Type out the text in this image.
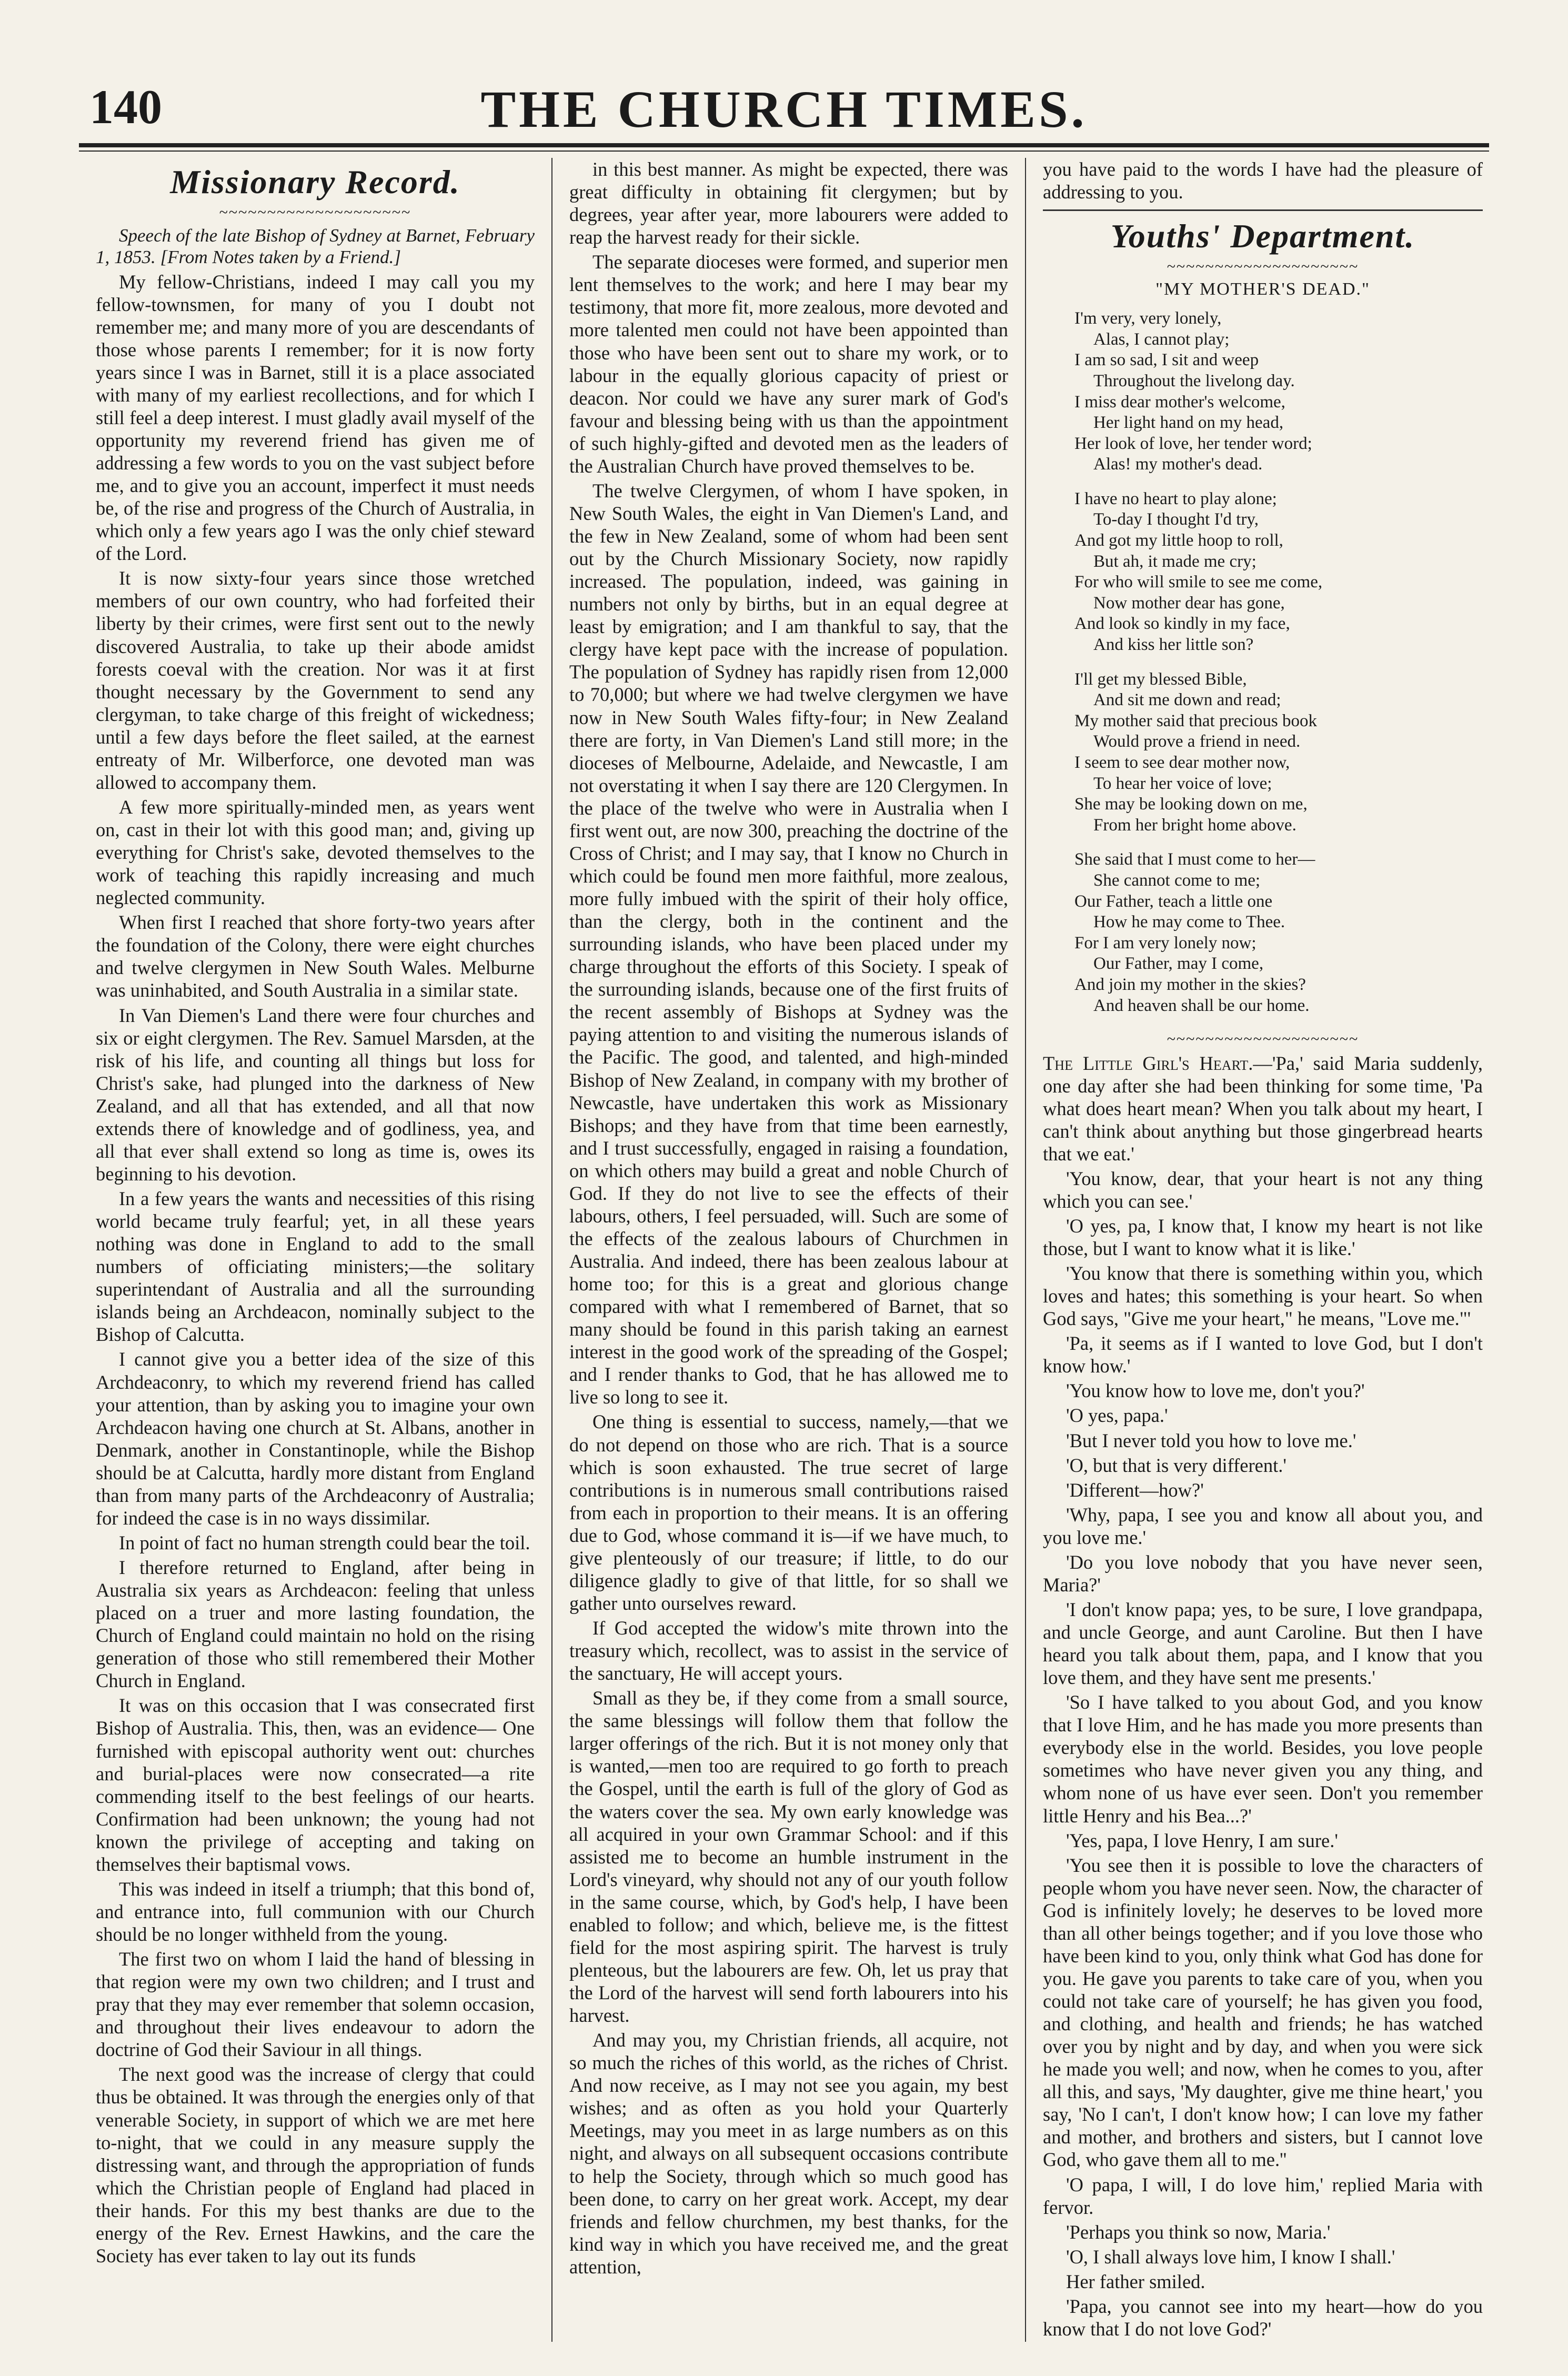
140	THE CHURCH TIMES.
Missionary Record.
~~~~~~~~~~~~~~~~~~~~

Speech of the late Bishop of Sydney at Barnet, February 1, 1853. [From Notes taken by a Friend.]

My fellow-Christians, indeed I may call you my fellow-townsmen, for many of you I doubt not remember me; and many more of you are descendants of those whose parents I remember; for it is now forty years since I was in Barnet, still it is a place associated with many of my earliest recollections, and for which I still feel a deep interest. I must gladly avail myself of the opportunity my reverend friend has given me of addressing a few words to you on the vast subject before me, and to give you an account, imperfect it must needs be, of the rise and progress of the Church of Australia, in which only a few years ago I was the only chief steward of the Lord.

It is now sixty-four years since those wretched members of our own country, who had forfeited their liberty by their crimes, were first sent out to the newly discovered Australia, to take up their abode amidst forests coeval with the creation. Nor was it at first thought necessary by the Government to send any clergyman, to take charge of this freight of wickedness; until a few days before the fleet sailed, at the earnest entreaty of Mr. Wilberforce, one devoted man was allowed to accompany them.

A few more spiritually-minded men, as years went on, cast in their lot with this good man; and, giving up everything for Christ's sake, devoted themselves to the work of teaching this rapidly increasing and much neglected community.

When first I reached that shore forty-two years after the foundation of the Colony, there were eight churches and twelve clergymen in New South Wales. Melburne was uninhabited, and South Australia in a similar state.

In Van Diemen's Land there were four churches and six or eight clergymen. The Rev. Samuel Marsden, at the risk of his life, and counting all things but loss for Christ's sake, had plunged into the darkness of New Zealand, and all that has extended, and all that now extends there of knowledge and of godliness, yea, and all that ever shall extend so long as time is, owes its beginning to his devotion.

In a few years the wants and necessities of this rising world became truly fearful; yet, in all these years nothing was done in England to add to the small numbers of officiating ministers;—the solitary superintendant of Australia and all the surrounding islands being an Archdeacon, nominally subject to the Bishop of Calcutta.

I cannot give you a better idea of the size of this Archdeaconry, to which my reverend friend has called your attention, than by asking you to imagine your own Archdeacon having one church at St. Albans, another in Denmark, another in Constantinople, while the Bishop should be at Calcutta, hardly more distant from England than from many parts of the Archdeaconry of Australia; for indeed the case is in no ways dissimilar.

In point of fact no human strength could bear the toil.

I therefore returned to England, after being in Australia six years as Archdeacon: feeling that unless placed on a truer and more lasting foundation, the Church of England could maintain no hold on the rising generation of those who still remembered their Mother Church in England.

It was on this occasion that I was consecrated first Bishop of Australia. This, then, was an evidence— One furnished with episcopal authority went out: churches and burial-places were now consecrated—a rite commending itself to the best feelings of our hearts. Confirmation had been unknown; the young had not known the privilege of accepting and taking on themselves their baptismal vows.

This was indeed in itself a triumph; that this bond of, and entrance into, full communion with our Church should be no longer withheld from the young.

The first two on whom I laid the hand of blessing in that region were my own two children; and I trust and pray that they may ever remember that solemn occasion, and throughout their lives endeavour to adorn the doctrine of God their Saviour in all things.

The next good was the increase of clergy that could thus be obtained. It was through the energies only of that venerable Society, in support of which we are met here to-night, that we could in any measure supply the distressing want, and through the appropriation of funds which the Christian people of England had placed in their hands. For this my best thanks are due to the energy of the Rev. Ernest Hawkins, and the care the Society has ever taken to lay out its funds

in this best manner. As might be expected, there was great difficulty in obtaining fit clergymen; but by degrees, year after year, more labourers were added to reap the harvest ready for their sickle.

The separate dioceses were formed, and superior men lent themselves to the work; and here I may bear my testimony, that more fit, more zealous, more devoted and more talented men could not have been appointed than those who have been sent out to share my work, or to labour in the equally glorious capacity of priest or deacon. Nor could we have any surer mark of God's favour and blessing being with us than the appointment of such highly-gifted and devoted men as the leaders of the Australian Church have proved themselves to be.

The twelve Clergymen, of whom I have spoken, in New South Wales, the eight in Van Diemen's Land, and the few in New Zealand, some of whom had been sent out by the Church Missionary Society, now rapidly increased. The population, indeed, was gaining in numbers not only by births, but in an equal degree at least by emigration; and I am thankful to say, that the clergy have kept pace with the increase of population. The population of Sydney has rapidly risen from 12,000 to 70,000; but where we had twelve clergymen we have now in New South Wales fifty-four; in New Zealand there are forty, in Van Diemen's Land still more; in the dioceses of Melbourne, Adelaide, and Newcastle, I am not overstating it when I say there are 120 Clergymen. In the place of the twelve who were in Australia when I first went out, are now 300, preaching the doctrine of the Cross of Christ; and I may say, that I know no Church in which could be found men more faithful, more zealous, more fully imbued with the spirit of their holy office, than the clergy, both in the continent and the surrounding islands, who have been placed under my charge throughout the efforts of this Society. I speak of the surrounding islands, because one of the first fruits of the recent assembly of Bishops at Sydney was the paying attention to and visiting the numerous islands of the Pacific. The good, and talented, and high-minded Bishop of New Zealand, in company with my brother of Newcastle, have undertaken this work as Missionary Bishops; and they have from that time been earnestly, and I trust successfully, engaged in raising a foundation, on which others may build a great and noble Church of God. If they do not live to see the effects of their labours, others, I feel persuaded, will. Such are some of the effects of the zealous labours of Churchmen in Australia. And indeed, there has been zealous labour at home too; for this is a great and glorious change compared with what I remembered of Barnet, that so many should be found in this parish taking an earnest interest in the good work of the spreading of the Gospel; and I render thanks to God, that he has allowed me to live so long to see it.

One thing is essential to success, namely,—that we do not depend on those who are rich. That is a source which is soon exhausted. The true secret of large contributions is in numerous small contributions raised from each in proportion to their means. It is an offering due to God, whose command it is—if we have much, to give plenteously of our treasure; if little, to do our diligence gladly to give of that little, for so shall we gather unto ourselves reward.

If God accepted the widow's mite thrown into the treasury which, recollect, was to assist in the service of the sanctuary, He will accept yours.

Small as they be, if they come from a small source, the same blessings will follow them that follow the larger offerings of the rich. But it is not money only that is wanted,—men too are required to go forth to preach the Gospel, until the earth is full of the glory of God as the waters cover the sea. My own early knowledge was all acquired in your own Grammar School: and if this assisted me to become an humble instrument in the Lord's vineyard, why should not any of our youth follow in the same course, which, by God's help, I have been enabled to follow; and which, believe me, is the fittest field for the most aspiring spirit. The harvest is truly plenteous, but the labourers are few. Oh, let us pray that the Lord of the harvest will send forth labourers into his harvest.

And may you, my Christian friends, all acquire, not so much the riches of this world, as the riches of Christ. And now receive, as I may not see you again, my best wishes; and as often as you hold your Quarterly Meetings, may you meet in as large numbers as on this night, and always on all subsequent occasions contribute to help the Society, through which so much good has been done, to carry on her great work. Accept, my dear friends and fellow churchmen, my best thanks, for the kind way in which you have received me, and the great attention,

you have paid to the words I have had the pleasure of addressing to you.

Youths' Department.
~~~~~~~~~~~~~~~~~~~~
"MY MOTHER'S DEAD."
I'm very, very lonely,
Alas, I cannot play;
I am so sad, I sit and weep
Throughout the livelong day.
I miss dear mother's welcome,
Her light hand on my head,
Her look of love, her tender word;
Alas! my mother's dead.
I have no heart to play alone;
To-day I thought I'd try,
And got my little hoop to roll,
But ah, it made me cry;
For who will smile to see me come,
Now mother dear has gone,
And look so kindly in my face,
And kiss her little son?
I'll get my blessed Bible,
And sit me down and read;
My mother said that precious book
Would prove a friend in need.
I seem to see dear mother now,
To hear her voice of love;
She may be looking down on me,
From her bright home above.
She said that I must come to her—
She cannot come to me;
Our Father, teach a little one
How he may come to Thee.
For I am very lonely now;
Our Father, may I come,
And join my mother in the skies?
And heaven shall be our home.
~~~~~~~~~~~~~~~~~~~~

The Little Girl's Heart.—'Pa,' said Maria suddenly, one day after she had been thinking for some time, 'Pa what does heart mean? When you talk about my heart, I can't think about anything but those gingerbread hearts that we eat.'

'You know, dear, that your heart is not any thing which you can see.'

'O yes, pa, I know that, I know my heart is not like those, but I want to know what it is like.'

'You know that there is something within you, which loves and hates; this something is your heart. So when God says, "Give me your heart," he means, "Love me."'

'Pa, it seems as if I wanted to love God, but I don't know how.'

'You know how to love me, don't you?'

'O yes, papa.'

'But I never told you how to love me.'

'O, but that is very different.'

'Different—how?'

'Why, papa, I see you and know all about you, and you love me.'

'Do you love nobody that you have never seen, Maria?'

'I don't know papa; yes, to be sure, I love grandpapa, and uncle George, and aunt Caroline. But then I have heard you talk about them, papa, and I know that you love them, and they have sent me presents.'

'So I have talked to you about God, and you know that I love Him, and he has made you more presents than everybody else in the world. Besides, you love people sometimes who have never given you any thing, and whom none of us have ever seen. Don't you remember little Henry and his Bea...?'

'Yes, papa, I love Henry, I am sure.'

'You see then it is possible to love the characters of people whom you have never seen. Now, the character of God is infinitely lovely; he deserves to be loved more than all other beings together; and if you love those who have been kind to you, only think what God has done for you. He gave you parents to take care of you, when you could not take care of yourself; he has given you food, and clothing, and health and friends; he has watched over you by night and by day, and when you were sick he made you well; and now, when he comes to you, after all this, and says, 'My daughter, give me thine heart,' you say, 'No I can't, I don't know how; I can love my father and mother, and brothers and sisters, but I cannot love God, who gave them all to me.''

'O papa, I will, I do love him,' replied Maria with fervor.

'Perhaps you think so now, Maria.'

'O, I shall always love him, I know I shall.'

Her father smiled.

'Papa, you cannot see into my heart—how do you know that I do not love God?'
